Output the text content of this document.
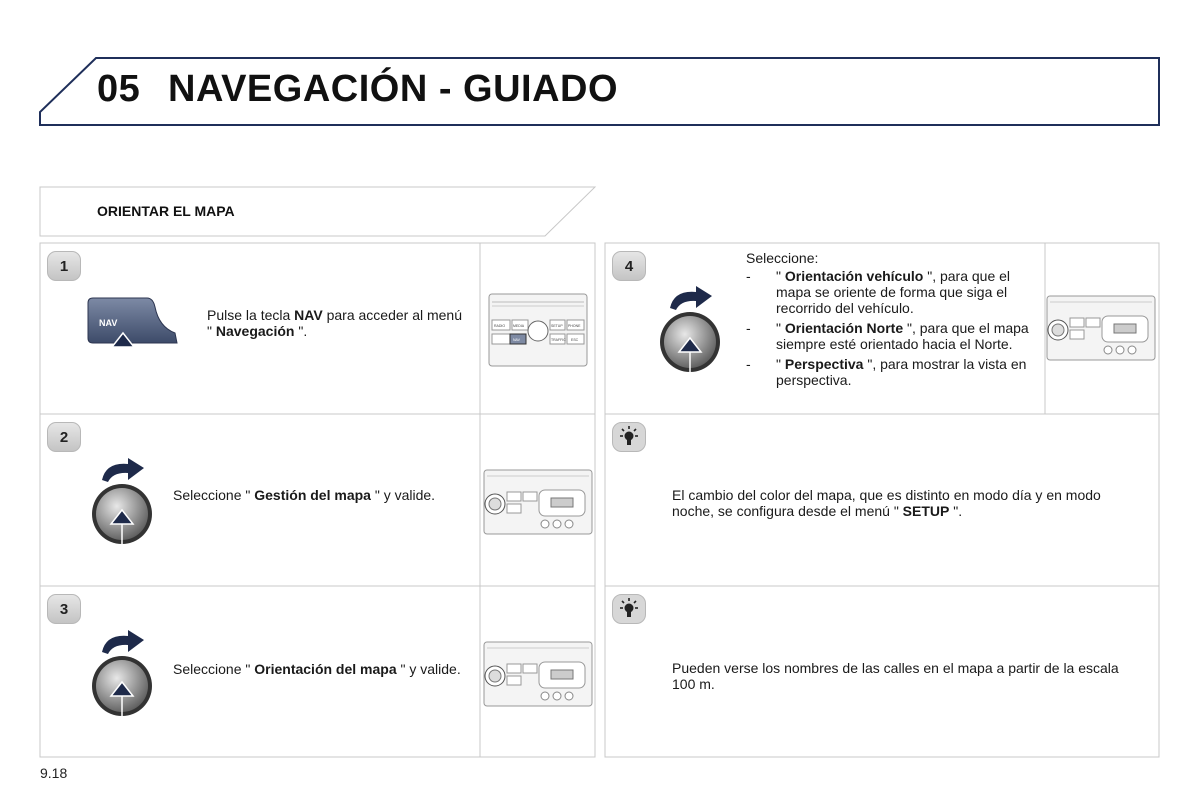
05 NAVEGACIÓN - GUIADO
ORIENTAR EL MAPA
1
NAV	Pulse la tecla NAV para acceder al menú " Navegación ".	RADIO MEDIA	SETUP PHONE
TRAFFIC
NAV	ESC
2
Seleccione " Gestión del mapa " y valide.
3
Seleccione " Orientación del mapa " y valide.
4	Seleccione:
- " Orientación vehículo ", para que el mapa se oriente de forma que siga el recorrido del vehículo.
- " Orientación Norte ", para que el mapa siempre esté orientado hacia el Norte.
- " Perspectiva ", para mostrar la vista en perspectiva.
El cambio del color del mapa, que es distinto en modo día y en modo noche, se configura desde el menú " SETUP ".
Pueden verse los nombres de las calles en el mapa a partir de la escala 100 m.
9.18
